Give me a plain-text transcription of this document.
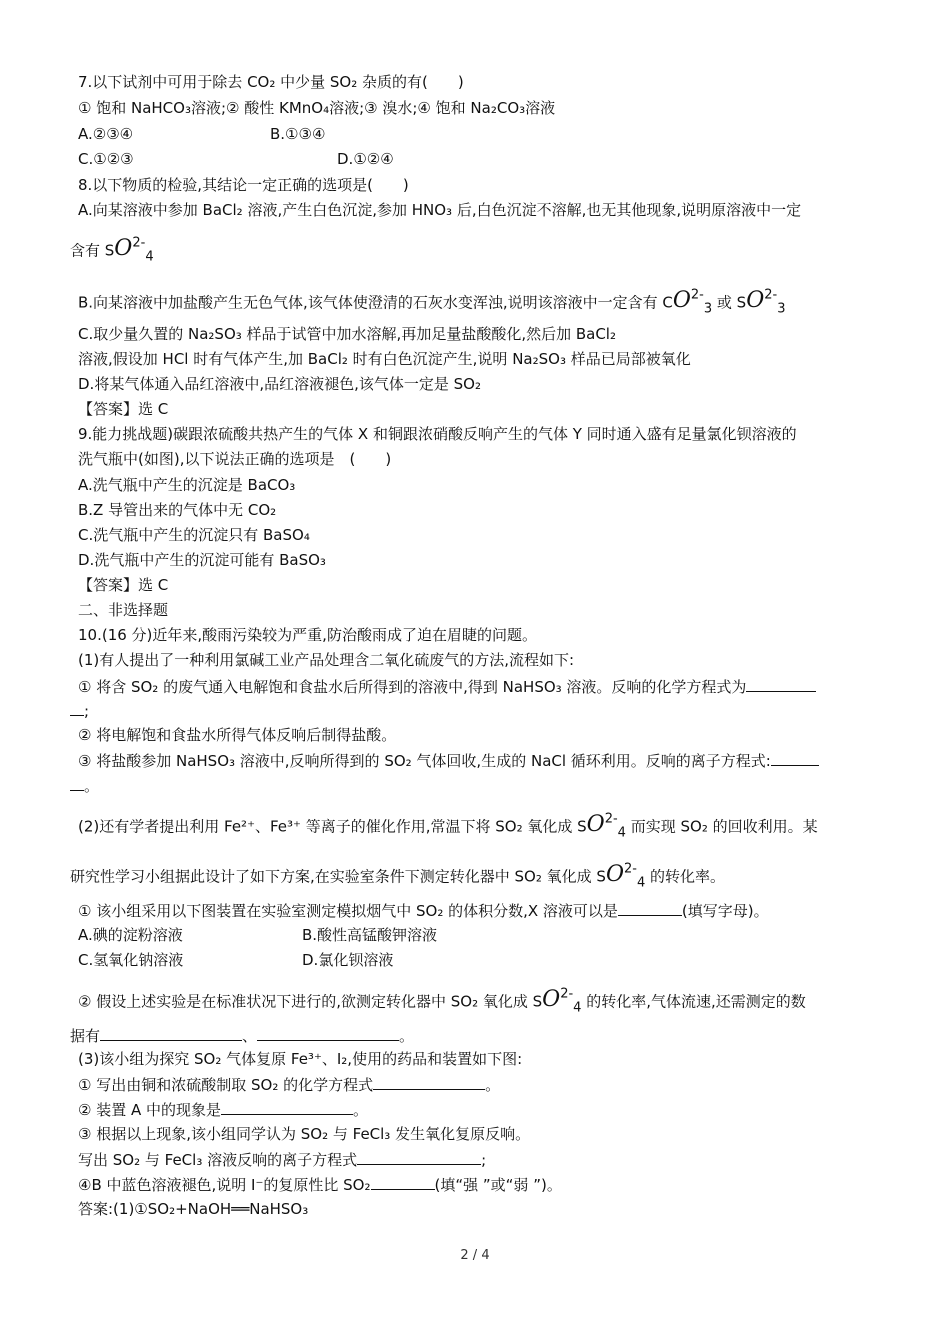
7.以下试剂中可用于除去 CO₂ 中少量 SO₂ 杂质的有(　　)
① 饱和 NaHCO₃溶液;② 酸性 KMnO₄溶液;③ 溴水;④ 饱和 Na₂CO₃溶液
A.②③④	B.①③④
C.①②③	D.①②④
8.以下物质的检验,其结论一定正确的选项是(　　)
A.向某溶液中参加 BaCl₂ 溶液,产生白色沉淀,参加 HNO₃ 后,白色沉淀不溶解,也无其他现象,说明原溶液中一定
含有 $SO^{2-}_4$
B.向某溶液中加盐酸产生无色气体,该气体使澄清的石灰水变浑浊,说明该溶液中一定含有 $CO^{2-}_3$ 或 $SO^{2-}_3$
C.取少量久置的 Na₂SO₃ 样品于试管中加水溶解,再加足量盐酸酸化,然后加 BaCl₂
溶液,假设加 HCl 时有气体产生,加 BaCl₂ 时有白色沉淀产生,说明 Na₂SO₃ 样品已局部被氧化
D.将某气体通入品红溶液中,品红溶液褪色,该气体一定是 SO₂
【答案】选 C
9.能力挑战题)碳跟浓硫酸共热产生的气体 X 和铜跟浓硝酸反响产生的气体 Y 同时通入盛有足量氯化钡溶液的
洗气瓶中(如图),以下说法正确的选项是　(　　)
A.洗气瓶中产生的沉淀是 BaCO₃
B.Z 导管出来的气体中无 CO₂
C.洗气瓶中产生的沉淀只有 BaSO₄
D.洗气瓶中产生的沉淀可能有 BaSO₃
【答案】选 C
二、非选择题
10.(16 分)近年来,酸雨污染较为严重,防治酸雨成了迫在眉睫的问题。
(1)有人提出了一种利用氯碱工业产品处理含二氧化硫废气的方法,流程如下:
① 将含 SO₂ 的废气通入电解饱和食盐水后所得到的溶液中,得到 NaHSO₃ 溶液。反响的化学方程式为
;
② 将电解饱和食盐水所得气体反响后制得盐酸。
③ 将盐酸参加 NaHSO₃ 溶液中,反响所得到的 SO₂ 气体回收,生成的 NaCl 循环利用。反响的离子方程式:
。
(2)还有学者提出利用 Fe²⁺、Fe³⁺ 等离子的催化作用,常温下将 SO₂ 氧化成 $SO^{2-}_4$ 而实现 SO₂ 的回收利用。某
研究性学习小组据此设计了如下方案,在实验室条件下测定转化器中 SO₂ 氧化成 $SO^{2-}_4$ 的转化率。
① 该小组采用以下图装置在实验室测定模拟烟气中 SO₂ 的体积分数,X 溶液可以是	(填写字母)。
A.碘的淀粉溶液	B.酸性高锰酸钾溶液
C.氢氧化钠溶液	D.氯化钡溶液
② 假设上述实验是在标准状况下进行的,欲测定转化器中 SO₂ 氧化成 $SO^{2-}_4$ 的转化率,气体流速,还需测定的数
据有	、	。
(3)该小组为探究 SO₂ 气体复原 Fe³⁺、I₂,使用的药品和装置如下图:
① 写出由铜和浓硫酸制取 SO₂ 的化学方程式	。
② 装置 A 中的现象是	。
③ 根据以上现象,该小组同学认为 SO₂ 与 FeCl₃ 发生氧化复原反响。
写出 SO₂ 与 FeCl₃ 溶液反响的离子方程式	;
④B 中蓝色溶液褪色,说明 I⁻的复原性比 SO₂	(填“强 ”或“弱 ”)。
答案:(1)①SO₂+NaOH══NaHSO₃
2 / 4
